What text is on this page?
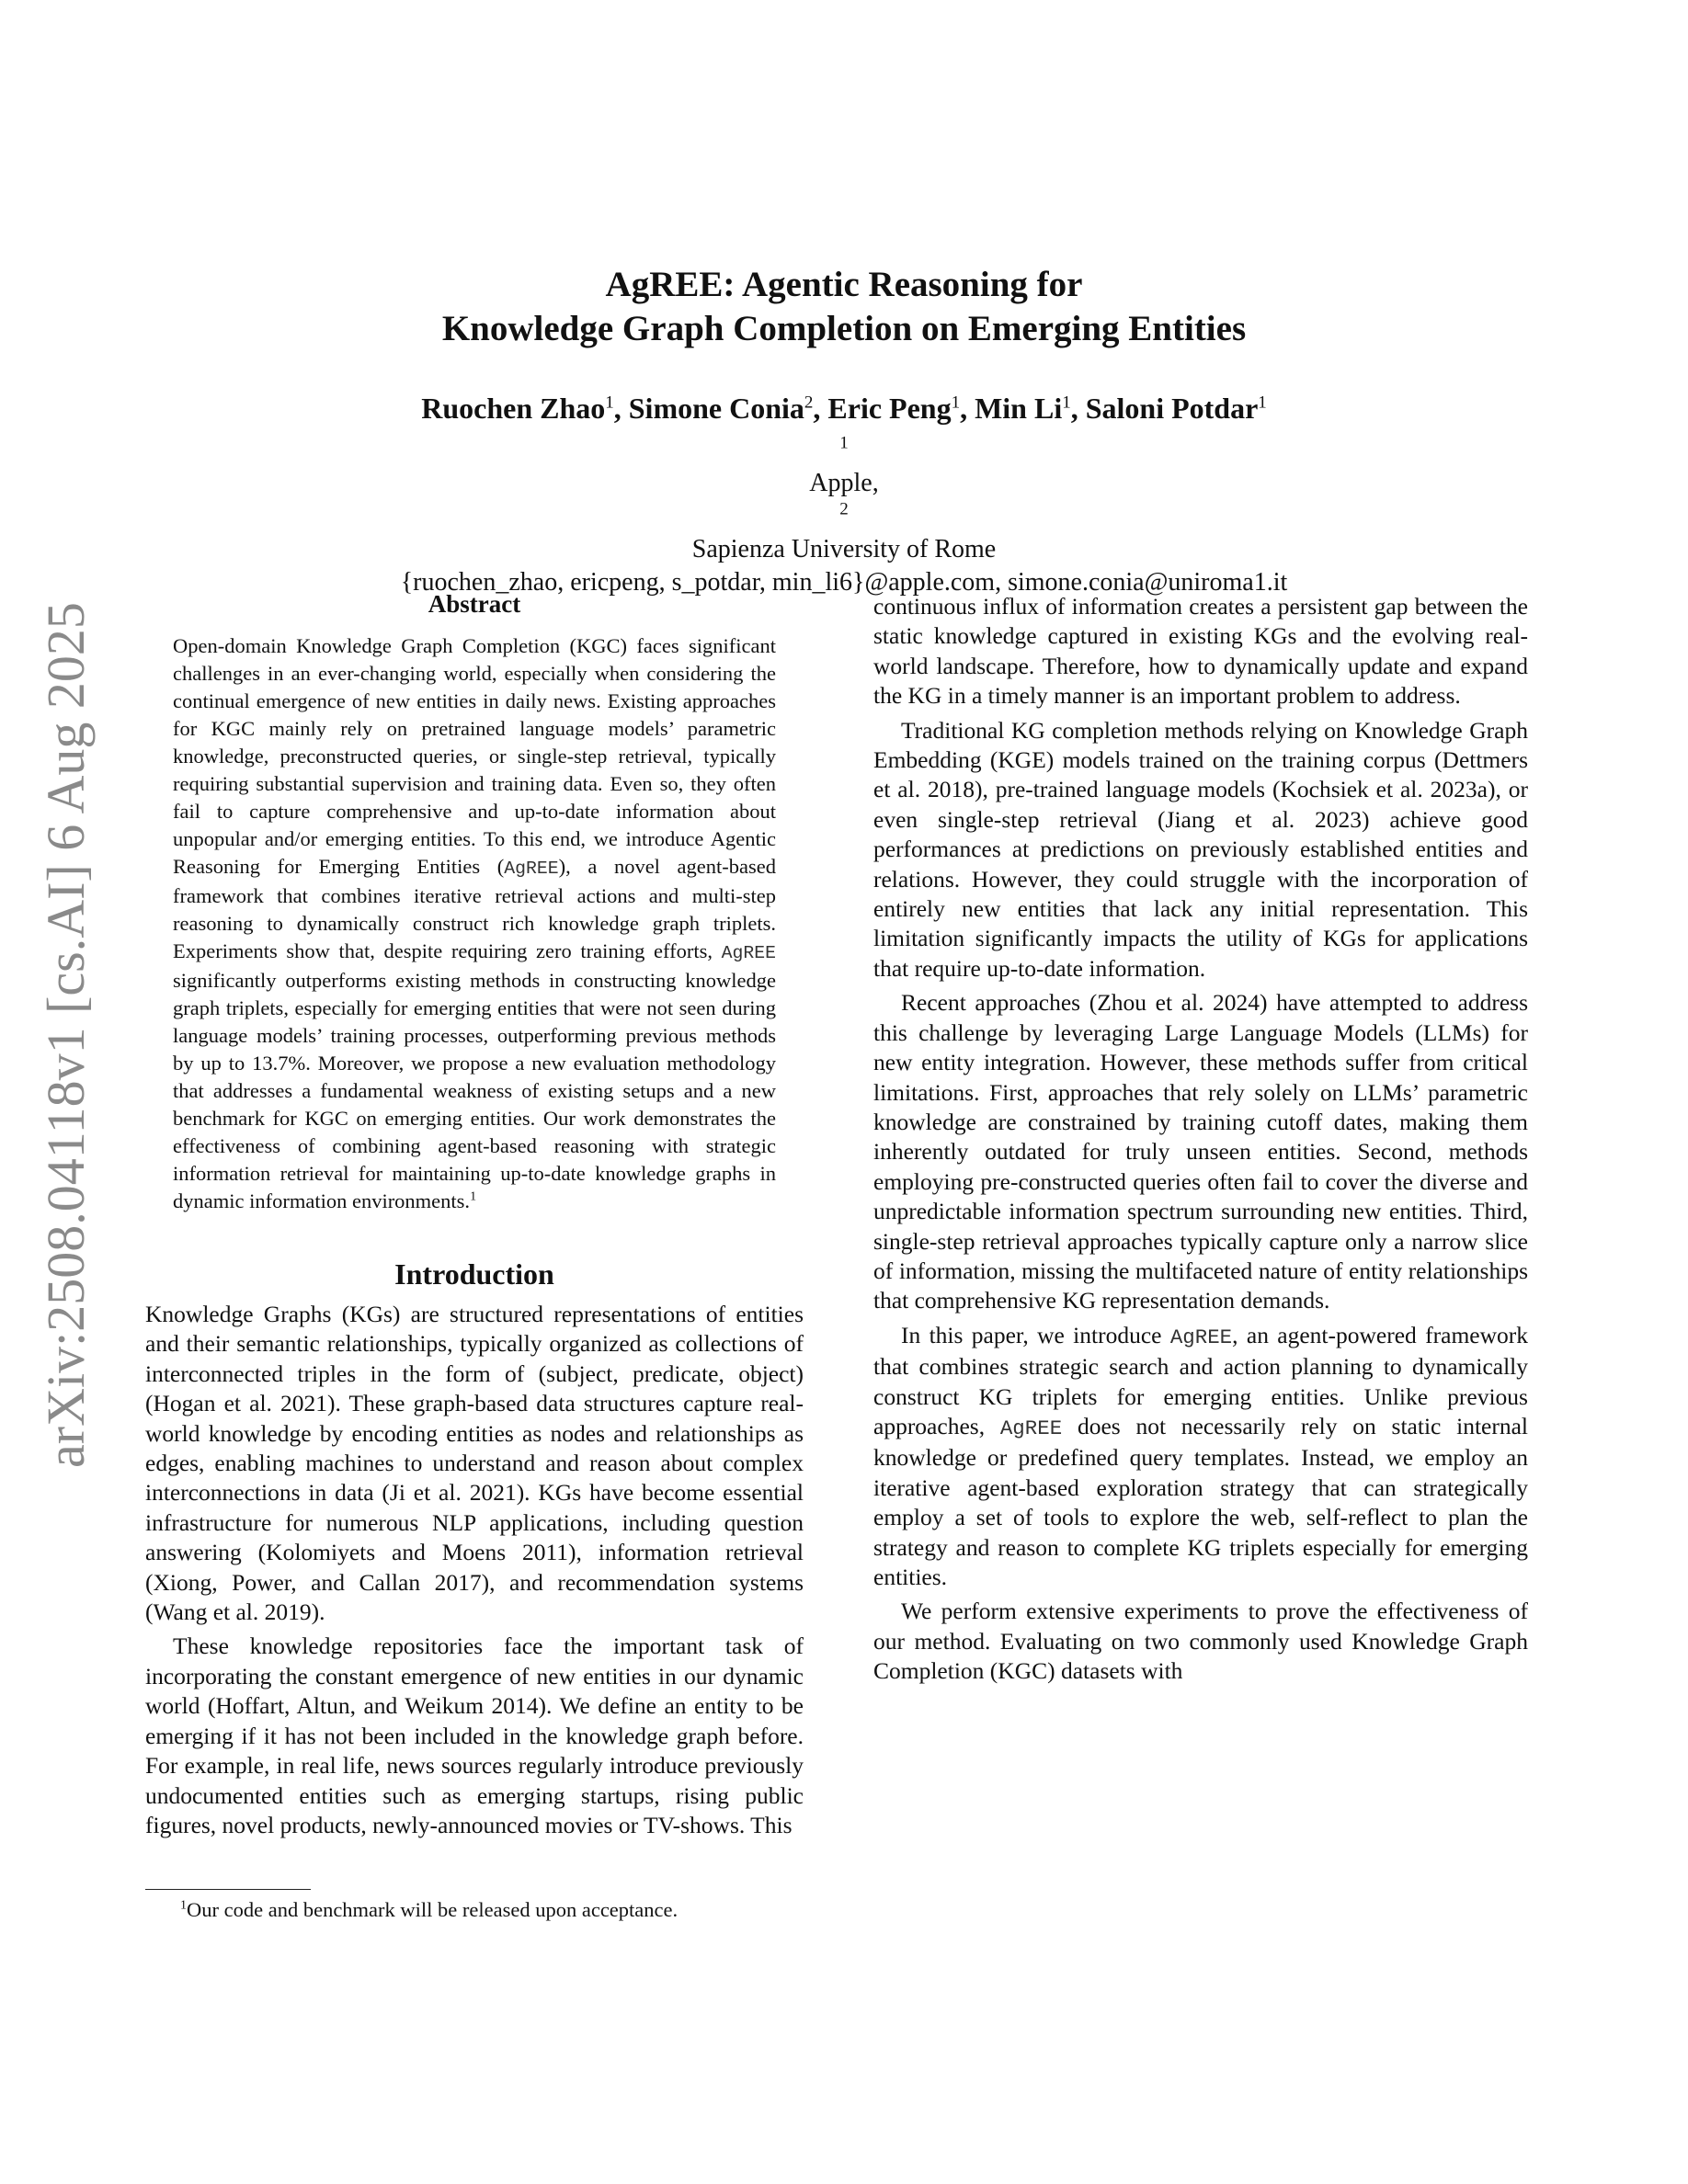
arXiv:2508.04118v1 [cs.AI] 6 Aug 2025
AgREE: Agentic Reasoning for
Knowledge Graph Completion on Emerging Entities
Ruochen Zhao$^1$, Simone Conia$^2$, Eric Peng$^1$, Min Li$^1$, Saloni Potdar$^1$
$^1$
Apple,
$^2$
Sapienza University of Rome
{ruochen_zhao, ericpeng, s_potdar, min_li6}@apple.com, simone.conia@uniroma1.it
Abstract
Open-domain Knowledge Graph Completion (KGC) faces significant challenges in an ever-changing world, especially when considering the continual emergence of new entities in daily news. Existing approaches for KGC mainly rely on pretrained language models’ parametric knowledge, preconstructed queries, or single-step retrieval, typically requiring substantial supervision and training data. Even so, they often fail to capture comprehensive and up-to-date information about unpopular and/or emerging entities. To this end, we introduce Agentic Reasoning for Emerging Entities (AgREE), a novel agent-based framework that combines iterative retrieval actions and multi-step reasoning to dynamically construct rich knowledge graph triplets. Experiments show that, despite requiring zero training efforts, AgREE significantly outperforms existing methods in constructing knowledge graph triplets, especially for emerging entities that were not seen during language models’ training processes, outperforming previous methods by up to 13.7%. Moreover, we propose a new evaluation methodology that addresses a fundamental weakness of existing setups and a new benchmark for KGC on emerging entities. Our work demonstrates the effectiveness of combining agent-based reasoning with strategic information retrieval for maintaining up-to-date knowledge graphs in dynamic information environments.$^1$
Introduction

Knowledge Graphs (KGs) are structured representations of entities and their semantic relationships, typically organized as collections of interconnected triples in the form of (subject, predicate, object) (Hogan et al. 2021). These graph-based data structures capture real-world knowledge by encoding entities as nodes and relationships as edges, enabling machines to understand and reason about complex interconnections in data (Ji et al. 2021). KGs have become essential infrastructure for numerous NLP applications, including question answering (Kolomiyets and Moens 2011), information retrieval (Xiong, Power, and Callan 2017), and recommendation systems (Wang et al. 2019).

These knowledge repositories face the important task of incorporating the constant emergence of new entities in our dynamic world (Hoffart, Altun, and Weikum 2014). We define an entity to be emerging if it has not been included in the knowledge graph before. For example, in real life, news sources regularly introduce previously undocumented entities such as emerging startups, rising public figures, novel products, newly-announced movies or TV-shows. This

continuous influx of information creates a persistent gap between the static knowledge captured in existing KGs and the evolving real-world landscape. Therefore, how to dynamically update and expand the KG in a timely manner is an important problem to address.

Traditional KG completion methods relying on Knowledge Graph Embedding (KGE) models trained on the training corpus (Dettmers et al. 2018), pre-trained language models (Kochsiek et al. 2023a), or even single-step retrieval (Jiang et al. 2023) achieve good performances at predictions on previously established entities and relations. However, they could struggle with the incorporation of entirely new entities that lack any initial representation. This limitation significantly impacts the utility of KGs for applications that require up-to-date information.

Recent approaches (Zhou et al. 2024) have attempted to address this challenge by leveraging Large Language Models (LLMs) for new entity integration. However, these methods suffer from critical limitations. First, approaches that rely solely on LLMs’ parametric knowledge are constrained by training cutoff dates, making them inherently outdated for truly unseen entities. Second, methods employing pre-constructed queries often fail to cover the diverse and unpredictable information spectrum surrounding new entities. Third, single-step retrieval approaches typically capture only a narrow slice of information, missing the multifaceted nature of entity relationships that comprehensive KG representation demands.

In this paper, we introduce AgREE, an agent-powered framework that combines strategic search and action planning to dynamically construct KG triplets for emerging entities. Unlike previous approaches, AgREE does not necessarily rely on static internal knowledge or predefined query templates. Instead, we employ an iterative agent-based exploration strategy that can strategically employ a set of tools to explore the web, self-reflect to plan the strategy and reason to complete KG triplets especially for emerging entities.

We perform extensive experiments to prove the effectiveness of our method. Evaluating on two commonly used Knowledge Graph Completion (KGC) datasets with

$^1$Our code and benchmark will be released upon acceptance.
